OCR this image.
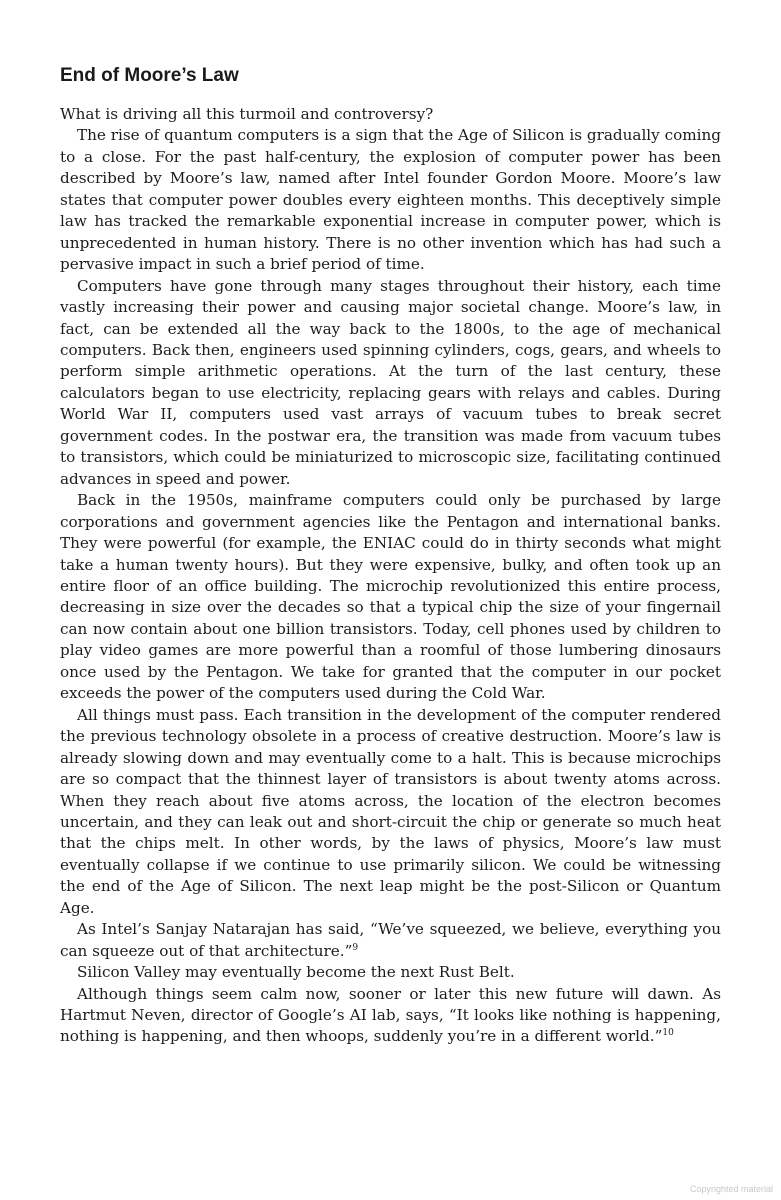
End of Moore’s Law

What is driving all this turmoil and controversy?

The rise of quantum computers is a sign that the Age of Silicon is gradually coming to a close. For the past half-century, the explosion of computer power has been described by Moore’s law, named after Intel founder Gordon Moore. Moore’s law states that computer power doubles every eighteen months. This deceptively simple law has tracked the remarkable exponential increase in computer power, which is unprecedented in human history. There is no other invention which has had such a pervasive impact in such a brief period of time.

Computers have gone through many stages throughout their history, each time vastly increasing their power and causing major societal change. Moore’s law, in fact, can be extended all the way back to the 1800s, to the age of mechanical computers. Back then, engineers used spinning cylinders, cogs, gears, and wheels to perform simple arithmetic operations. At the turn of the last century, these calculators began to use electricity, replacing gears with relays and cables. During World War II, computers used vast arrays of vacuum tubes to break secret government codes. In the postwar era, the transition was made from vacuum tubes to transistors, which could be miniaturized to microscopic size, facilitating continued advances in speed and power.

Back in the 1950s, mainframe computers could only be purchased by large corporations and government agencies like the Pentagon and international banks. They were powerful (for example, the ENIAC could do in thirty seconds what might take a human twenty hours). But they were expensive, bulky, and often took up an entire floor of an office building. The microchip revolutionized this entire process, decreasing in size over the decades so that a typical chip the size of your fingernail can now contain about one billion transistors. Today, cell phones used by children to play video games are more powerful than a roomful of those lumbering dinosaurs once used by the Pentagon. We take for granted that the computer in our pocket exceeds the power of the computers used during the Cold War.

All things must pass. Each transition in the development of the computer rendered the previous technology obsolete in a process of creative destruction. Moore’s law is already slowing down and may eventually come to a halt. This is because microchips are so compact that the thinnest layer of transistors is about twenty atoms across. When they reach about five atoms across, the location of the electron becomes uncertain, and they can leak out and short-circuit the chip or generate so much heat that the chips melt. In other words, by the laws of physics, Moore’s law must eventually collapse if we continue to use primarily silicon. We could be witnessing the end of the Age of Silicon. The next leap might be the post-Silicon or Quantum Age.

As Intel’s Sanjay Natarajan has said, “We’ve squeezed, we believe, everything you can squeeze out of that architecture.”$^9$

Silicon Valley may eventually become the next Rust Belt.

Although things seem calm now, sooner or later this new future will dawn. As Hartmut Neven, director of Google’s AI lab, says, “It looks like nothing is happening, nothing is happening, and then whoops, suddenly you’re in a different world.”$^{10}$

Copyrighted material
